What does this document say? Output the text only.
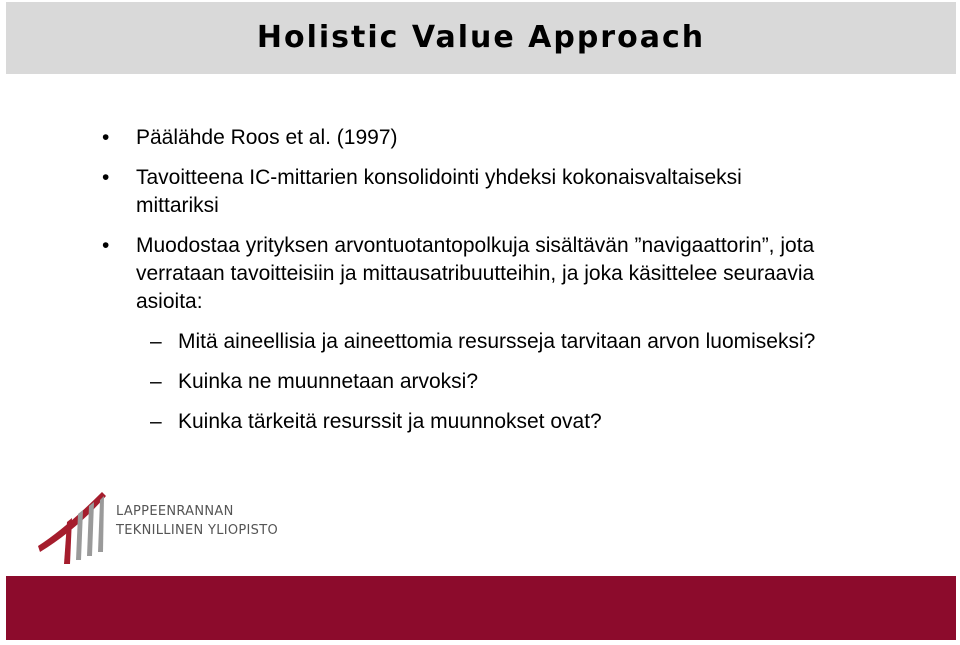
Holistic Value Approach
• Päälähde Roos et al. (1997)
• Tavoitteena IC-mittarien konsolidointi yhdeksi kokonaisvaltaiseksi mittariksi
• Muodostaa yrityksen arvontuotantopolkuja sisältävän ”navigaattorin”, jota verrataan tavoitteisiin ja mittausatribuutteihin, ja joka käsittelee seuraavia asioita:
– Mitä aineellisia ja aineettomia resursseja tarvitaan arvon luomiseksi?
– Kuinka ne muunnetaan arvoksi?
– Kuinka tärkeitä resurssit ja muunnokset ovat?
LAPPEENRANNAN
TEKNILLINEN YLIOPISTO
